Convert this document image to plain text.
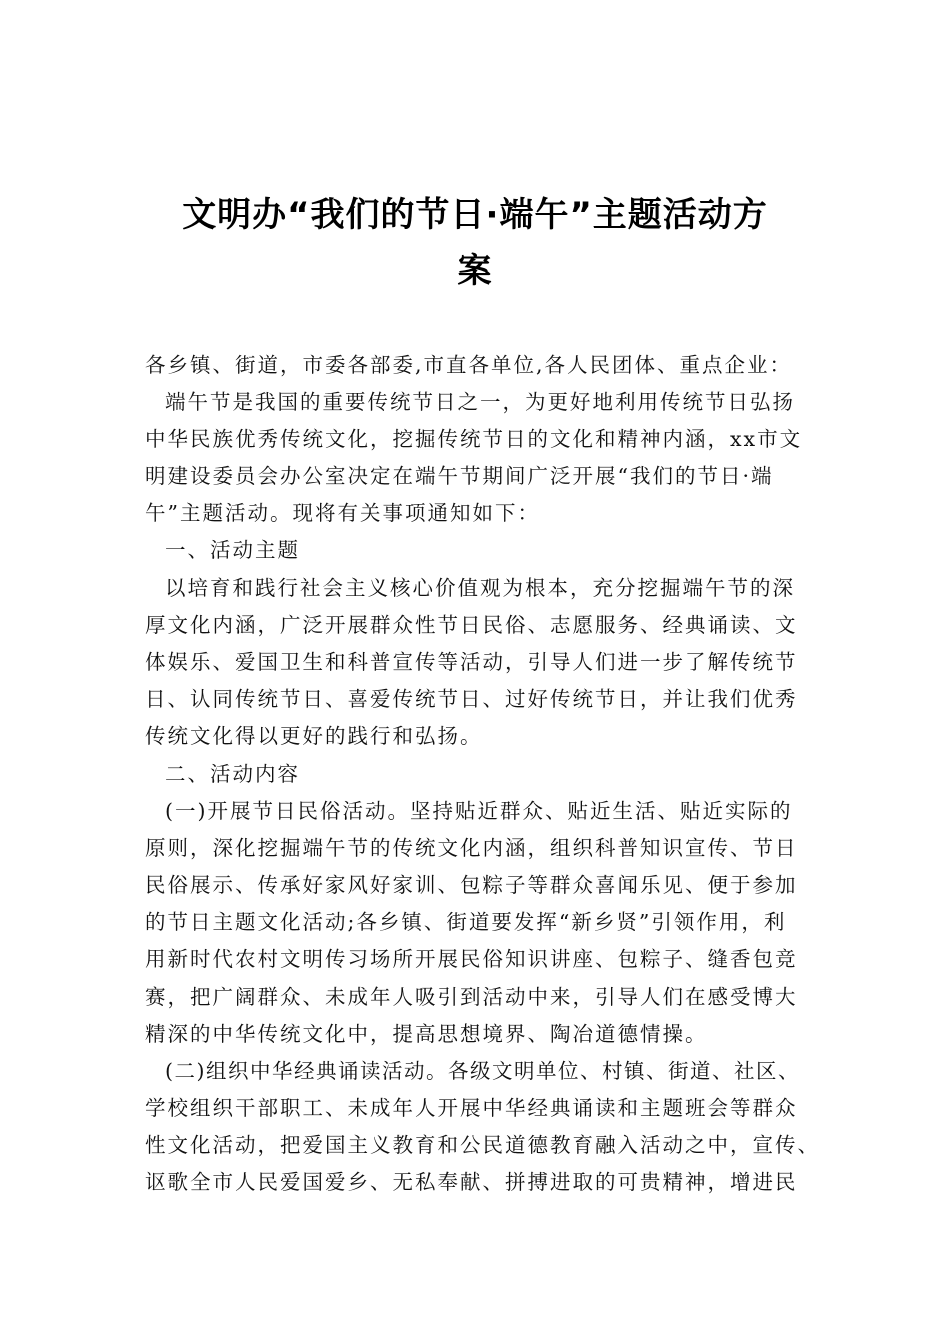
文明办“我们的节日·端午”主题活动方
案
各乡镇、街道，市委各部委,市直各单位,各人民团体、重点企业：
端午节是我国的重要传统节日之一，为更好地利用传统节日弘扬
中华民族优秀传统文化，挖掘传统节日的文化和精神内涵，xx市文
明建设委员会办公室决定在端午节期间广泛开展“我们的节日·端
午”主题活动。现将有关事项通知如下：
一、活动主题
以培育和践行社会主义核心价值观为根本，充分挖掘端午节的深
厚文化内涵，广泛开展群众性节日民俗、志愿服务、经典诵读、文
体娱乐、爱国卫生和科普宣传等活动，引导人们进一步了解传统节
日、认同传统节日、喜爱传统节日、过好传统节日，并让我们优秀
传统文化得以更好的践行和弘扬。
二、活动内容
(一)开展节日民俗活动。坚持贴近群众、贴近生活、贴近实际的
原则，深化挖掘端午节的传统文化内涵，组织科普知识宣传、节日
民俗展示、传承好家风好家训、包粽子等群众喜闻乐见、便于参加
的节日主题文化活动;各乡镇、街道要发挥“新乡贤”引领作用，利
用新时代农村文明传习场所开展民俗知识讲座、包粽子、缝香包竞
赛，把广阔群众、未成年人吸引到活动中来，引导人们在感受博大
精深的中华传统文化中，提高思想境界、陶冶道德情操。
(二)组织中华经典诵读活动。各级文明单位、村镇、街道、社区、
学校组织干部职工、未成年人开展中华经典诵读和主题班会等群众
性文化活动，把爱国主义教育和公民道德教育融入活动之中，宣传、
讴歌全市人民爱国爱乡、无私奉献、拼搏进取的可贵精神，增进民
